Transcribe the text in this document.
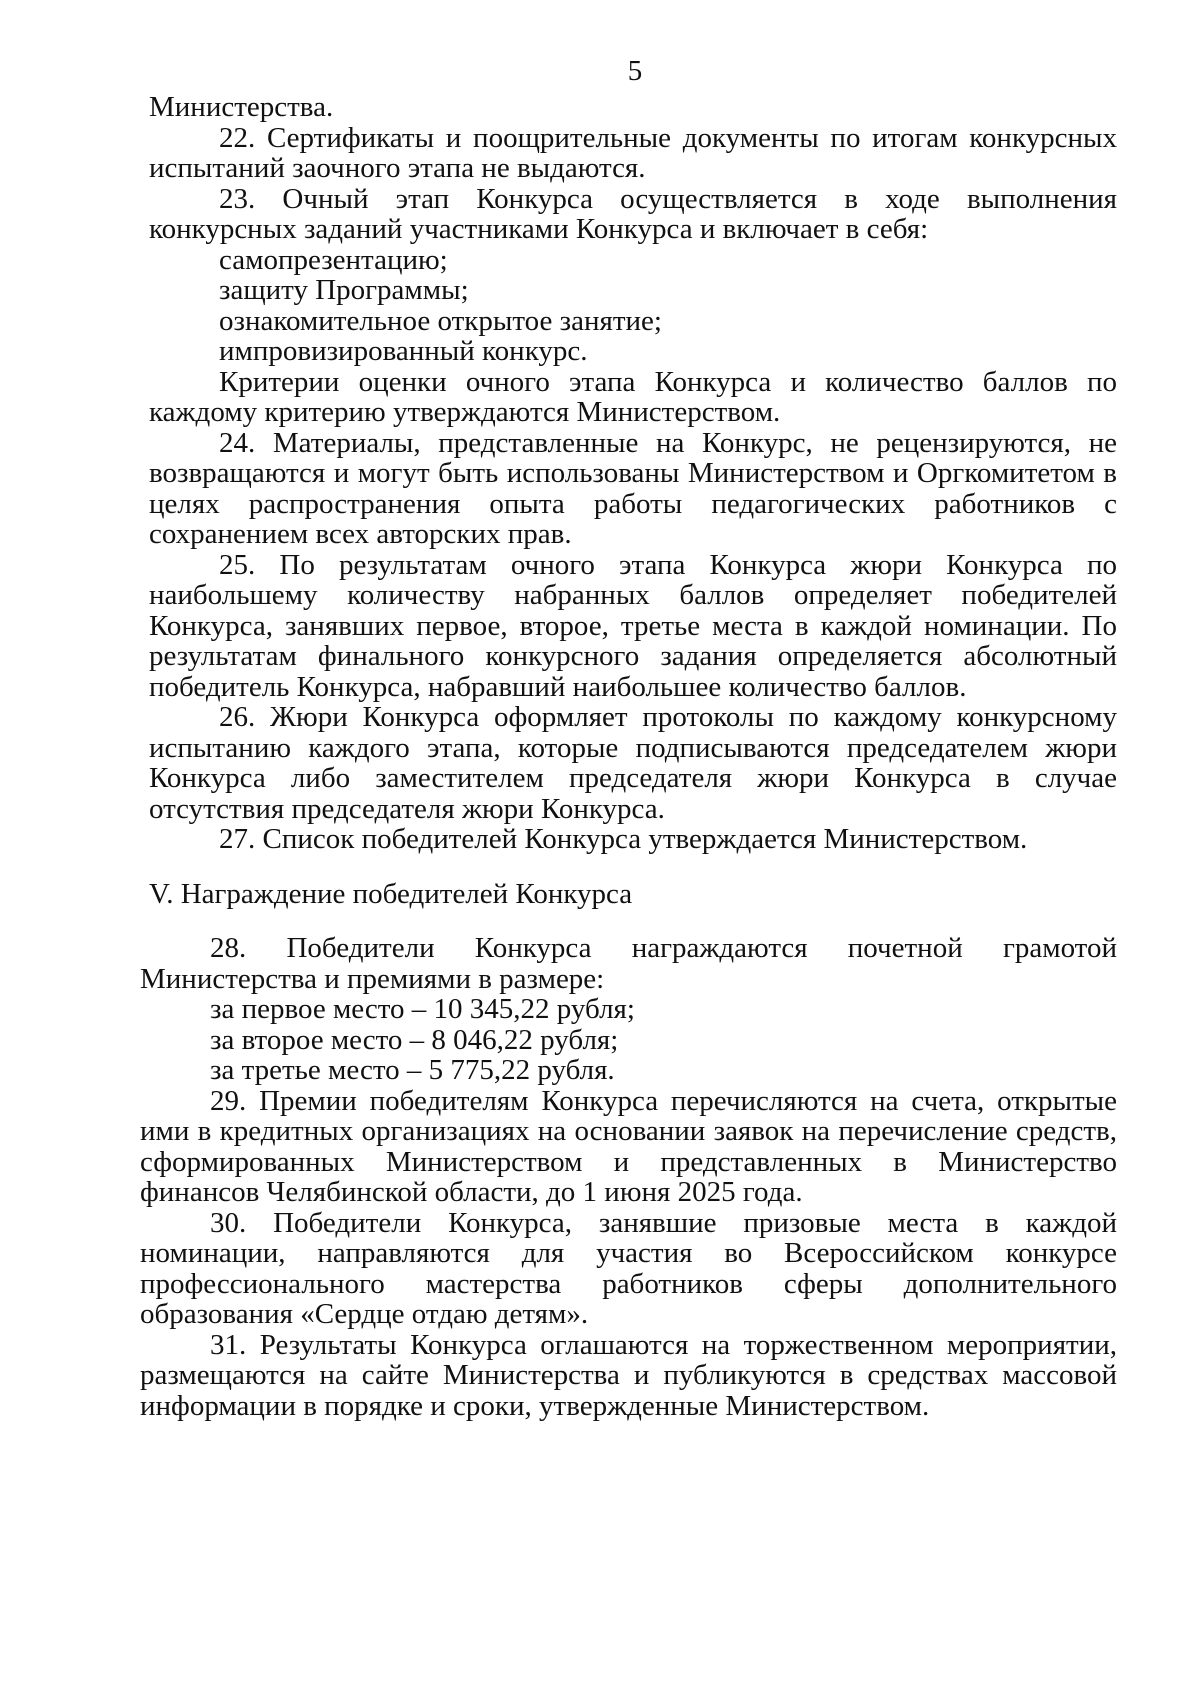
5

Министерства.

22. Сертификаты и поощрительные документы по итогам конкурсных испытаний заочного этапа не выдаются.

23. Очный этап Конкурса осуществляется в ходе выполнения конкурсных заданий участниками Конкурса и включает в себя:

самопрезентацию;

защиту Программы;

ознакомительное открытое занятие;

импровизированный конкурс.

Критерии оценки очного этапа Конкурса и количество баллов по каждому критерию утверждаются Министерством.

24. Материалы, представленные на Конкурс, не рецензируются, не возвращаются и могут быть использованы Министерством и Оргкомитетом в целях распространения опыта работы педагогических работников с сохранением всех авторских прав.

25. По результатам очного этапа Конкурса жюри Конкурса по наибольшему количеству набранных баллов определяет победителей Конкурса, занявших первое, второе, третье места в каждой номинации. По результатам финального конкурсного задания определяется абсолютный победитель Конкурса, набравший наибольшее количество баллов.

26. Жюри Конкурса оформляет протоколы по каждому конкурсному испытанию каждого этапа, которые подписываются председателем жюри Конкурса либо заместителем председателя жюри Конкурса в случае отсутствия председателя жюри Конкурса.

27. Список победителей Конкурса утверждается Министерством.

V. Награждение победителей Конкурса

28. Победители Конкурса награждаются почетной грамотой Министерства и премиями в размере:

за первое место – 10 345,22 рубля;

за второе место – 8 046,22 рубля;

за третье место – 5 775,22 рубля.

29. Премии победителям Конкурса перечисляются на счета, открытые ими в кредитных организациях на основании заявок на перечисление средств, сформированных Министерством и представленных в Министерство финансов Челябинской области, до 1 июня 2025 года.

30. Победители Конкурса, занявшие призовые места в каждой номинации, направляются для участия во Всероссийском конкурсе профессионального мастерства работников сферы дополнительного образования «Сердце отдаю детям».

31. Результаты Конкурса оглашаются на торжественном мероприятии, размещаются на сайте Министерства и публикуются в средствах массовой информации в порядке и сроки, утвержденные Министерством.
